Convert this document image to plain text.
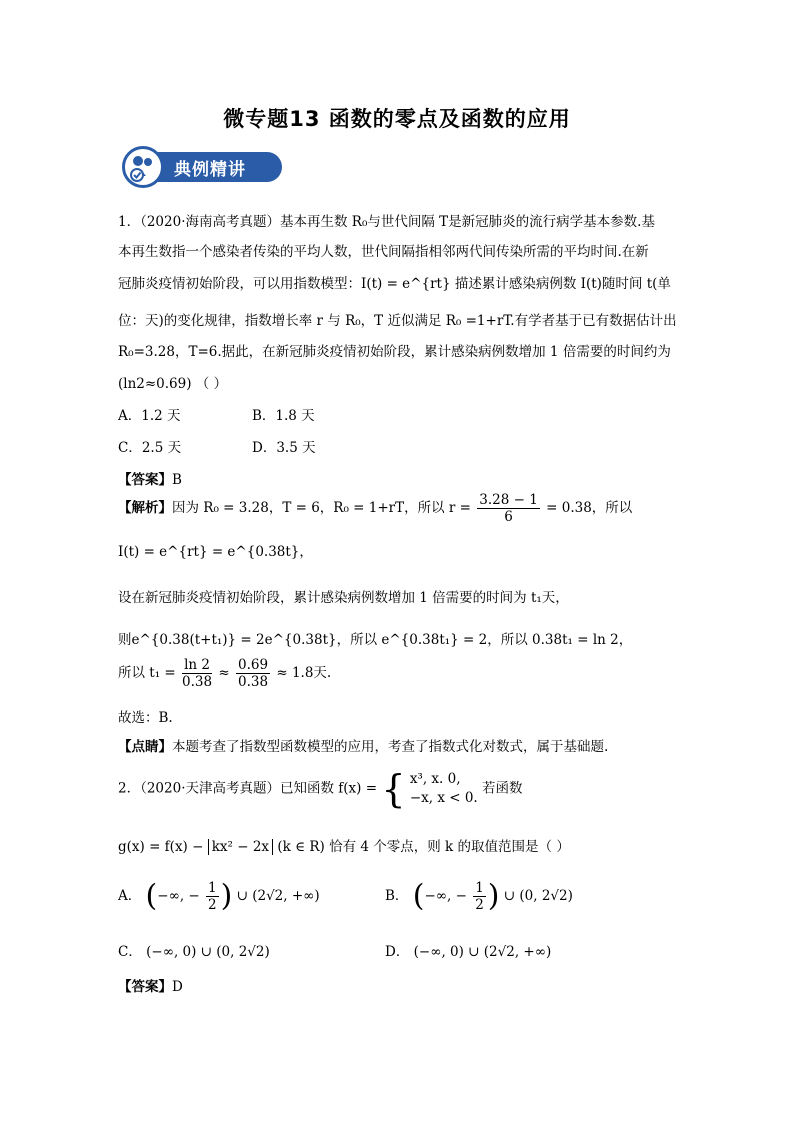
微专题13 函数的零点及函数的应用
典例精讲
1．（2020·海南高考真题）基本再生数 R₀与世代间隔 T是新冠肺炎的流行病学基本参数.基
本再生数指一个感染者传染的平均人数，世代间隔指相邻两代间传染所需的平均时间.在新
冠肺炎疫情初始阶段，可以用指数模型：I(t) = e^{rt} 描述累计感染病例数 I(t)随时间 t(单
位：天)的变化规律，指数增长率 r 与 R₀，T 近似满足 R₀ =1+rT.有学者基于已有数据估计出
R₀=3.28，T=6.据此，在新冠肺炎疫情初始阶段，累计感染病例数增加 1 倍需要的时间约为
(ln2≈0.69) （ ）
A．1.2 天	B．1.8 天
C．2.5 天	D．3.5 天
【答案】B
【解析】因为 R₀ = 3.28，T = 6，R₀ = 1+rT，所以 $r = \frac{3.28 - 1}{6} = 0.38$，所以
I(t) = e^{rt} = e^{0.38t}，
设在新冠肺炎疫情初始阶段，累计感染病例数增加 1 倍需要的时间为 t₁天，
则e^{0.38(t+t₁)} = 2e^{0.38t}，所以 e^{0.38t₁} = 2，所以 0.38t₁ = ln 2，
所以 $t_1 = \frac{\ln 2}{0.38} \approx \frac{0.69}{0.38} \approx 1.8$天.
故选：B.
【点睛】本题考查了指数型函数模型的应用，考查了指数式化对数式，属于基础题.
2．（2020·天津高考真题）已知函数 f(x) = { x³, x. 0,
−x, x < 0.
若函数
g(x) = f(x) − kx² − 2x (k ∈ R) 恰有 4 个零点，则 k 的取值范围是（ ）
A． (−∞, − $\frac{1}{2}$ ) ∪ (2√2, +∞)	B． (−∞, − $\frac{1}{2}$ ) ∪ (0, 2√2)
C． (−∞, 0) ∪ (0, 2√2)	D． (−∞, 0) ∪ (2√2, +∞)
【答案】D
